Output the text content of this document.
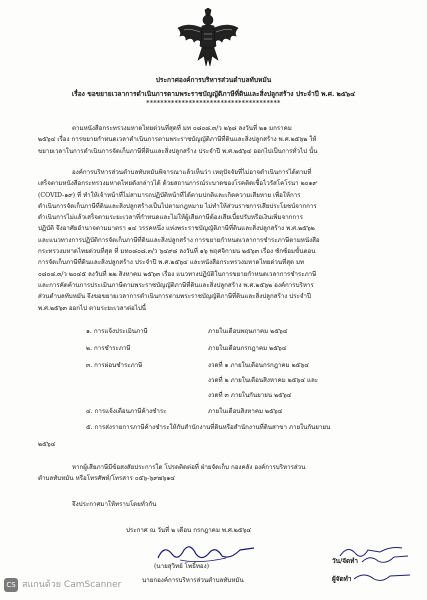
ประกาศองค์การบริหารส่วนตำบลทับหมัน
เรื่อง ขอขยายเวลาการดำเนินการตามพระราชบัญญัติภาษีที่ดินและสิ่งปลูกสร้าง ประจำปี พ.ศ. ๒๕๖๔
**************************************
ตามหนังสือกระทรวงมหาดไทยด่วนที่สุดที่ มท ๐๘๐๘.๓/ว ๒๖๘ ลงวันที่ ๒๑ มกราคม
๒๕๖๔ เรื่อง การขยายกำหนดเวลาดำเนินการตามพระราชบัญญัติภาษีที่ดินและสิ่งปลูกสร้าง พ.ศ.๒๕๖๒ ให้
ขยายเวลาในการดำเนินการจัดเก็บภาษีที่ดินและสิ่งปลูกสร้าง ประจำปี พ.ศ.๒๕๖๔ ออกไปเป็นการทั่วไป นั้น
องค์การบริหารส่วนตำบลทับหมันพิจารณาแล้วเห็นว่า เหตุปัจจัยที่ไม่อาจดำเนินการได้ตามที่
เสร็จตามหนังสือกระทรวงมหาดไทยดังกล่าวได้ ด้วยสถานการณ์ระบาดของโรคติดเชื้อไวรัสโคโรนา ๒๐๑๙
(COVID-๑๙) ที่ ทำให้เจ้าหน้าที่ไม่สามารถปฏิบัติหน้าที่ได้ตามปกติและเกิดความเสียหาย เพื่อให้การ
ดำเนินการจัดเก็บภาษีที่ดินและสิ่งปลูกสร้างเป็นไปตามกฎหมาย ไม่ทำให้ส่วนราชการเสียประโยชน์จากการ
ดำเนินการไม่แล้วเสร็จตามระยะเวลาที่กำหนดและไม่ให้ผู้เสียภาษีต้องเสียเบี้ยปรับหรือเงินเพิ่มจากการ
ปฏิบัติ จึงอาศัยอำนาจตามมาตรา ๑๔ วรรคหนึ่ง แห่งพระราชบัญญัติภาษีที่ดินและสิ่งปลูกสร้าง พ.ศ.๒๕๖๒
และแนวทางการปฏิบัติการจัดเก็บภาษีที่ดินและสิ่งปลูกสร้าง การขยายกำหนดเวลาการชำระภาษีตามหนังสือ
กระทรวงมหาดไทยด่วนที่สุด ที่ มท๐๘๐๘.๓/ว ๖๔๙๘ ลงวันที่ ๑๖ พฤศจิกายน ๒๕๖๓ เรื่อง ซักซ้อมขั้นตอน
การจัดเก็บภาษีที่ดินและสิ่งปลูกสร้าง ประจำปี พ.ศ.๒๕๖๔ และหนังสือกระทรวงมหาดไทยด่วนที่สุด มท
๐๘๐๘.๓/ว ๒๐๔๕ ลงวันที่ ๒๒ สิงหาคม ๒๕๖๓ เรื่อง แนวทางปฏิบัติในการขยายกำหนดเวลาการชำระภาษี
และการคัดค้านการประเมินภาษีตามพระราชบัญญัติภาษีที่ดินและสิ่งปลูกสร้าง พ.ศ.๒๕๖๒ องค์การบริหาร
ส่วนตำบลทับหมัน จึงขอขยายเวลาการดำเนินการตามพระราชบัญญัติภาษีที่ดินและสิ่งปลูกสร้าง ประจำปี
พ.ศ.๒๕๖๓ ออกไป ตามระยะเวลาต่อไปนี้
๑. การแจ้งประเมินภาษี	ภายในเดือนพฤษภาคม ๒๕๖๔
๒. การชำระภาษี	ภายในเดือนกรกฎาคม ๒๕๖๔
๓. การผ่อนชำระภาษี	งวดที่ ๑ ภายในเดือนกรกฎาคม ๒๕๖๔
งวดที่ ๒ ภายในเดือนสิงหาคม ๒๕๖๔ และ
งวดที่ ๓ ภายในกันยายน ๒๕๖๔
๔. การแจ้งเตือนภาษีค้างชำระ	ภายในเดือนสิงหาคม ๒๕๖๔
๕. การส่งรายการภาษีค้างชำระให้กับสำนักงานที่ดินหรือสำนักงานที่ดินสาขา ภายในกันยายน
๒๕๖๔
หากผู้เสียภาษีมีข้อสงสัยประการใด โปรดติดต่อที่ ฝ่ายจัดเก็บ กองคลัง องค์การบริหารส่วน
ตำบลทับหมัน หรือโทรศัพท์/โทรสาร ๐๕๖-๖๙๗๖๑๔
จึงประกาศมาให้ทราบโดยทั่วกัน
ประกาศ ณ วันที่ ๒ เดือน กรกฎาคม พ.ศ.๒๕๖๔
(นายสุวิทย์ โพธิ์ทอง)
นายกองค์การบริหารส่วนตำบลทับหมัน
วัน/จัดทำ
ผู้จัดทำ
CS สแกนด้วย CamScanner
